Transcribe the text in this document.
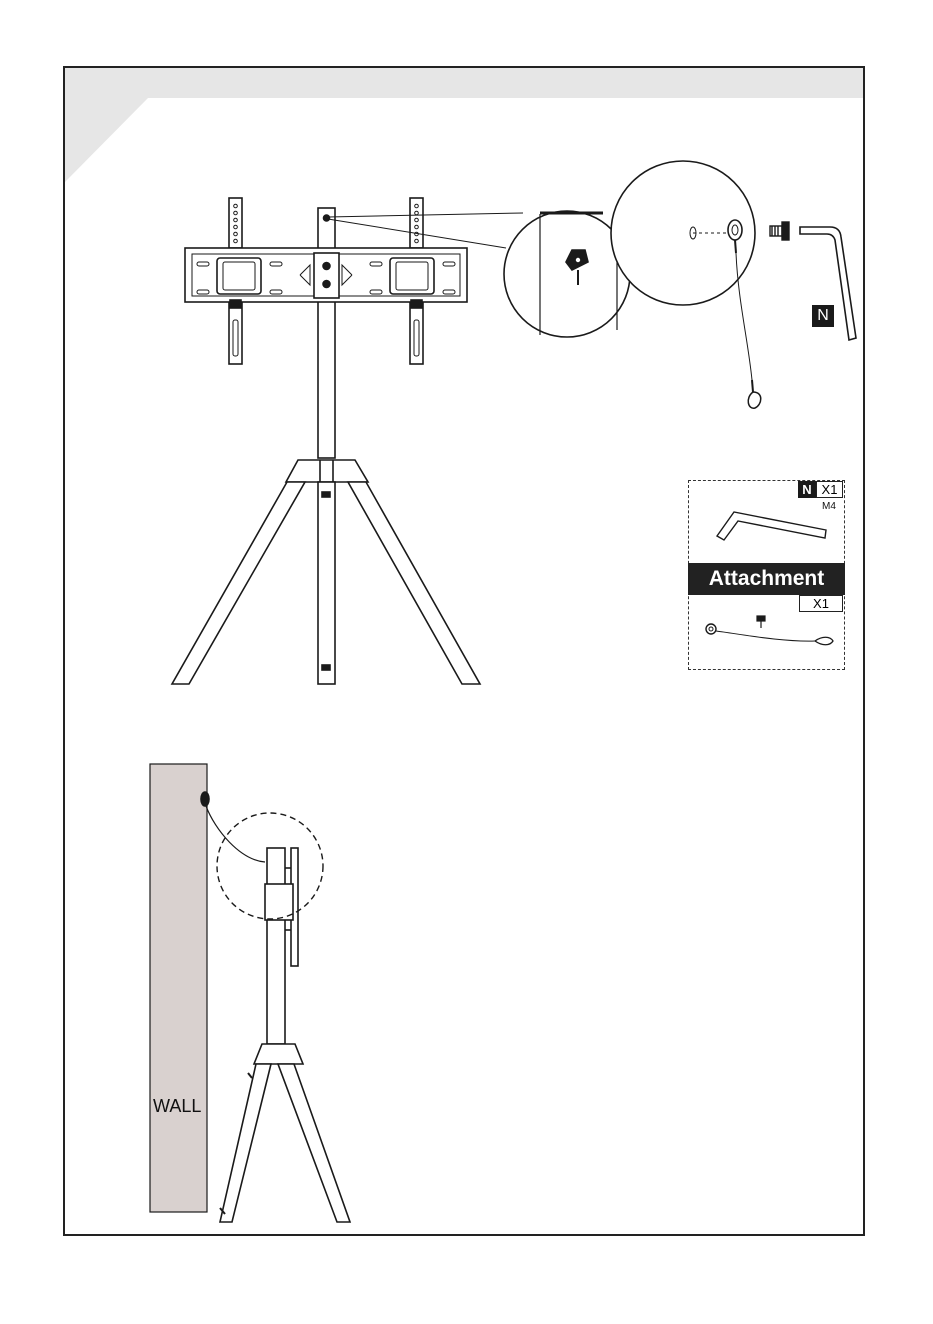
N
N X1
M4
Attachment
X1
WALL
